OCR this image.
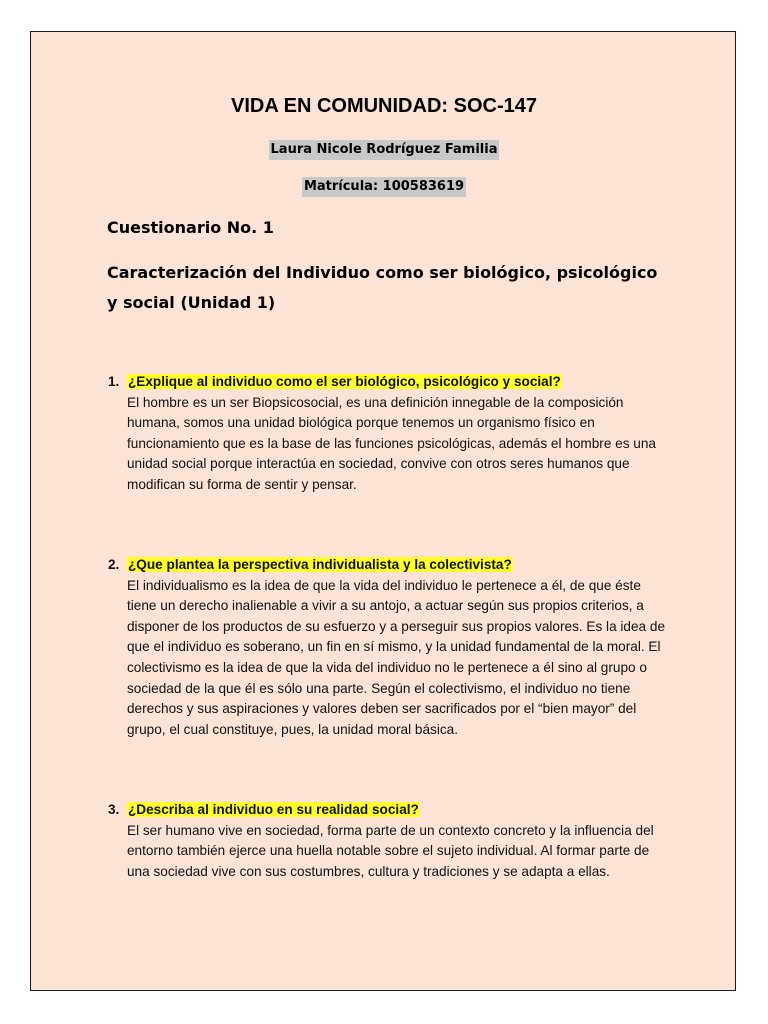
VIDA EN COMUNIDAD: SOC-147
Laura Nicole Rodríguez Familia
Matrícula: 100583619
Cuestionario No. 1
Caracterización del Individuo como ser biológico, psicológico y social (Unidad 1)
1. ¿Explique al individuo como el ser biológico, psicológico y social?

El hombre es un ser Biopsicosocial, es una definición innegable de la composición humana, somos una unidad biológica porque tenemos un organismo físico en funcionamiento que es la base de las funciones psicológicas, además el hombre es una unidad social porque interactúa en sociedad, convive con otros seres humanos que modifican su forma de sentir y pensar.

2. ¿Que plantea la perspectiva individualista y la colectivista?

El individualismo es la idea de que la vida del individuo le pertenece a él, de que éste tiene un derecho inalienable a vivir a su antojo, a actuar según sus propios criterios, a disponer de los productos de su esfuerzo y a perseguir sus propios valores. Es la idea de que el individuo es soberano, un fin en sí mismo, y la unidad fundamental de la moral. El colectivismo es la idea de que la vida del individuo no le pertenece a él sino al grupo o sociedad de la que él es sólo una parte. Según el colectivismo, el individuo no tiene derechos y sus aspiraciones y valores deben ser sacrificados por el “bien mayor” del grupo, el cual constituye, pues, la unidad moral básica.

3. ¿Describa al individuo en su realidad social?

El ser humano vive en sociedad, forma parte de un contexto concreto y la influencia del entorno también ejerce una huella notable sobre el sujeto individual. Al formar parte de una sociedad vive con sus costumbres, cultura y tradiciones y se adapta a ellas.
